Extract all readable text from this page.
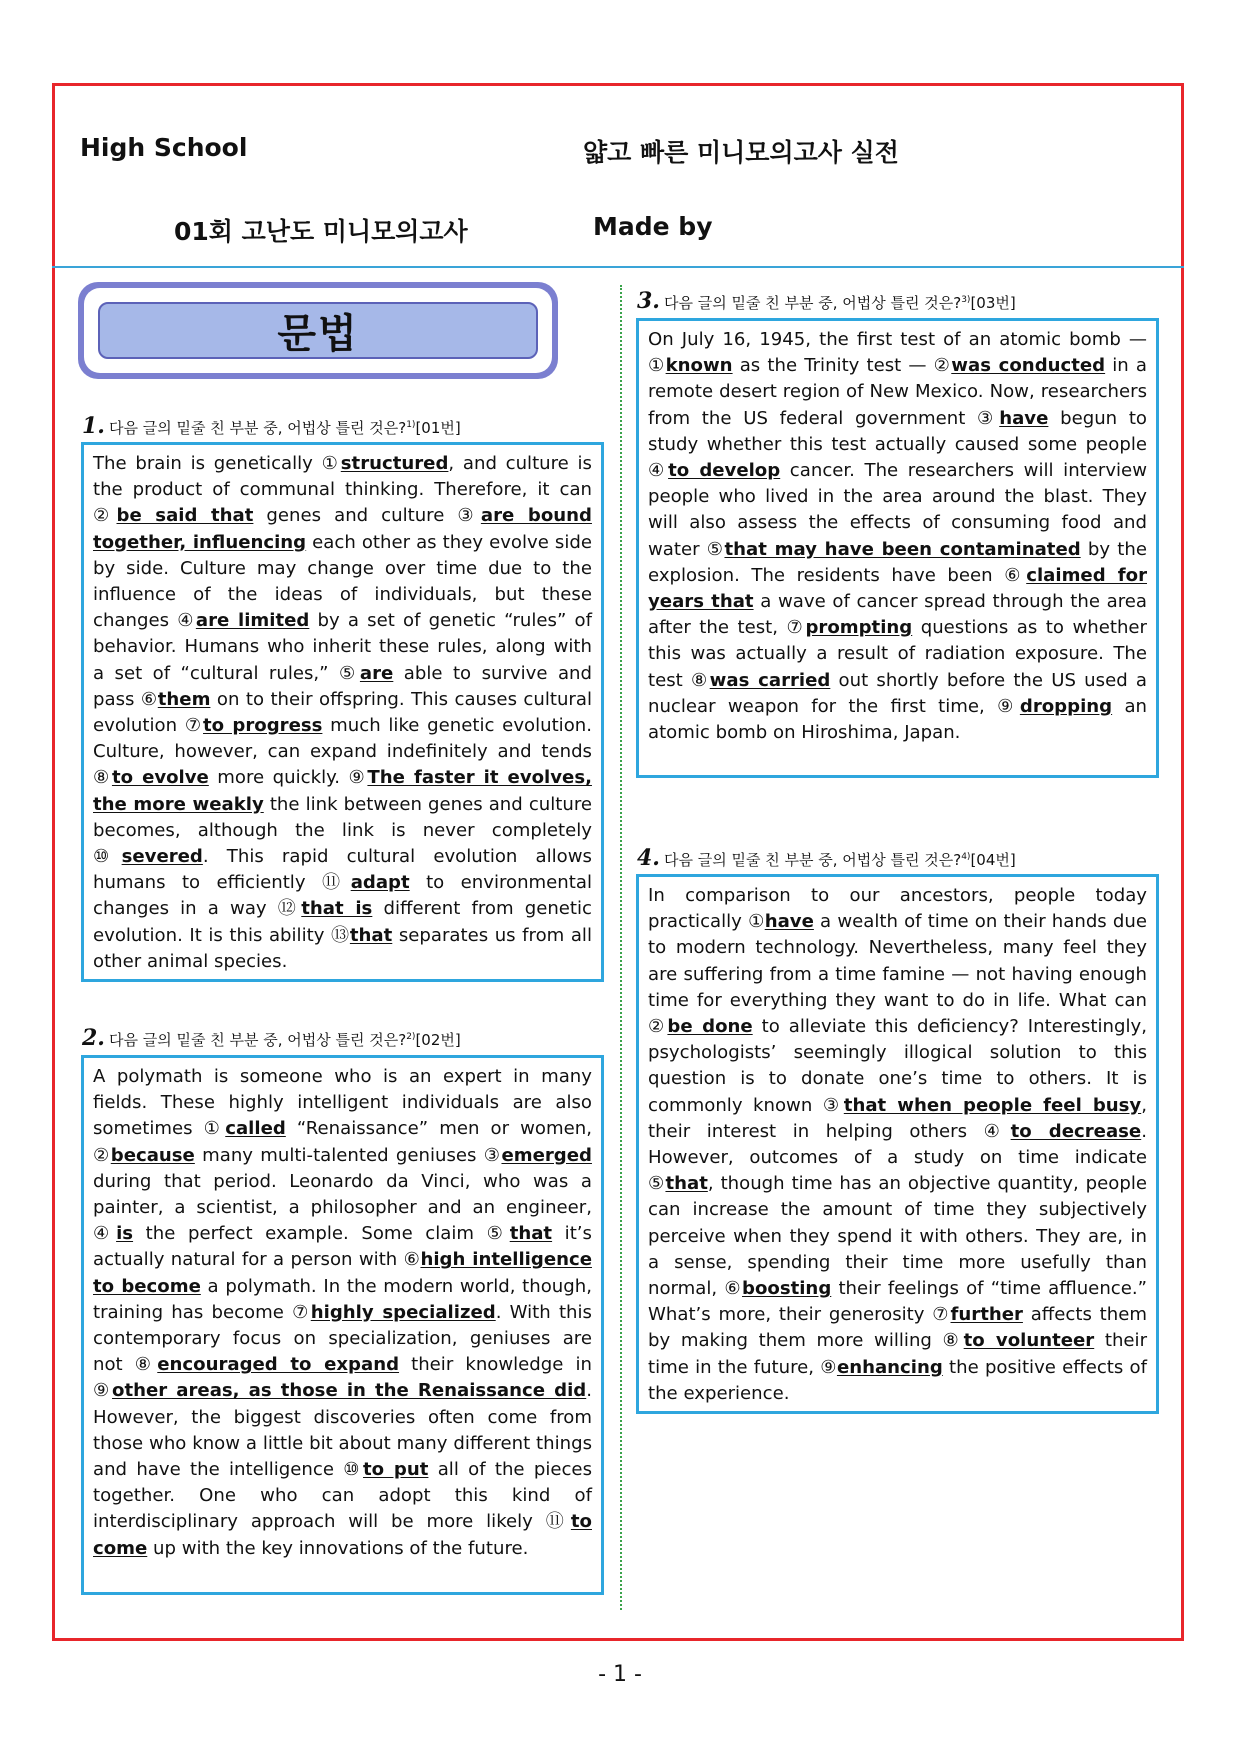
High School	얇고 빠른 미니모의고사 실전
01회 고난도 미니모의고사	Made by
문법
1. 다음 글의 밑줄 친 부분 중, 어법상 틀린 것은?$^{1)}$[01번]

The brain is genetically ①structured, and culture is the product of communal thinking. Therefore, it can ②be said that genes and culture ③are bound together, influencing each other as they evolve side by side. Culture may change over time due to the influence of the ideas of individuals, but these changes ④are limited by a set of genetic “rules” of behavior. Humans who inherit these rules, along with a set of “cultural rules,” ⑤are able to survive and pass ⑥them on to their offspring. This causes cultural evolution ⑦to progress much like genetic evolution. Culture, however, can expand indefinitely and tends ⑧to evolve more quickly. ⑨The faster it evolves, the more weakly the link between genes and culture becomes, although the link is never completely ⑩severed. This rapid cultural evolution allows humans to efficiently ⑪adapt to environmental changes in a way ⑫that is different from genetic evolution. It is this ability ⑬that separates us from all other animal species.

2. 다음 글의 밑줄 친 부분 중, 어법상 틀린 것은?$^{2)}$[02번]

A polymath is someone who is an expert in many fields. These highly intelligent individuals are also sometimes ①called “Renaissance” men or women, ②because many multi-talented geniuses ③emerged during that period. Leonardo da Vinci, who was a painter, a scientist, a philosopher and an engineer, ④is the perfect example. Some claim ⑤that it’s actually natural for a person with ⑥high intelligence to become a polymath. In the modern world, though, training has become ⑦highly specialized. With this contemporary focus on specialization, geniuses are not ⑧encouraged to expand their knowledge in ⑨other areas, as those in the Renaissance did. However, the biggest discoveries often come from those who know a little bit about many different things and have the intelligence ⑩to put all of the pieces together. One who can adopt this kind of interdisciplinary approach will be more likely ⑪to come up with the key innovations of the future.

3. 다음 글의 밑줄 친 부분 중, 어법상 틀린 것은?$^{3)}$[03번]

On July 16, 1945, the first test of an atomic bomb — ①known as the Trinity test — ②was conducted in a remote desert region of New Mexico. Now, researchers from the US federal government ③have begun to study whether this test actually caused some people ④to develop cancer. The researchers will interview people who lived in the area around the blast. They will also assess the effects of consuming food and water ⑤that may have been contaminated by the explosion. The residents have been ⑥claimed for years that a wave of cancer spread through the area after the test, ⑦prompting questions as to whether this was actually a result of radiation exposure. The test ⑧was carried out shortly before the US used a nuclear weapon for the first time, ⑨dropping an atomic bomb on Hiroshima, Japan.

4. 다음 글의 밑줄 친 부분 중, 어법상 틀린 것은?$^{4)}$[04번]

In comparison to our ancestors, people today practically ①have a wealth of time on their hands due to modern technology. Nevertheless, many feel they are suffering from a time famine — not having enough time for everything they want to do in life. What can ②be done to alleviate this deficiency? Interestingly, psychologists’ seemingly illogical solution to this question is to donate one’s time to others. It is commonly known ③that when people feel busy, their interest in helping others ④to decrease. However, outcomes of a study on time indicate ⑤that, though time has an objective quantity, people can increase the amount of time they subjectively perceive when they spend it with others. They are, in a sense, spending their time more usefully than normal, ⑥boosting their feelings of “time affluence.” What’s more, their generosity ⑦further affects them by making them more willing ⑧to volunteer their time in the future, ⑨enhancing the positive effects of the experience.

- 1 -
